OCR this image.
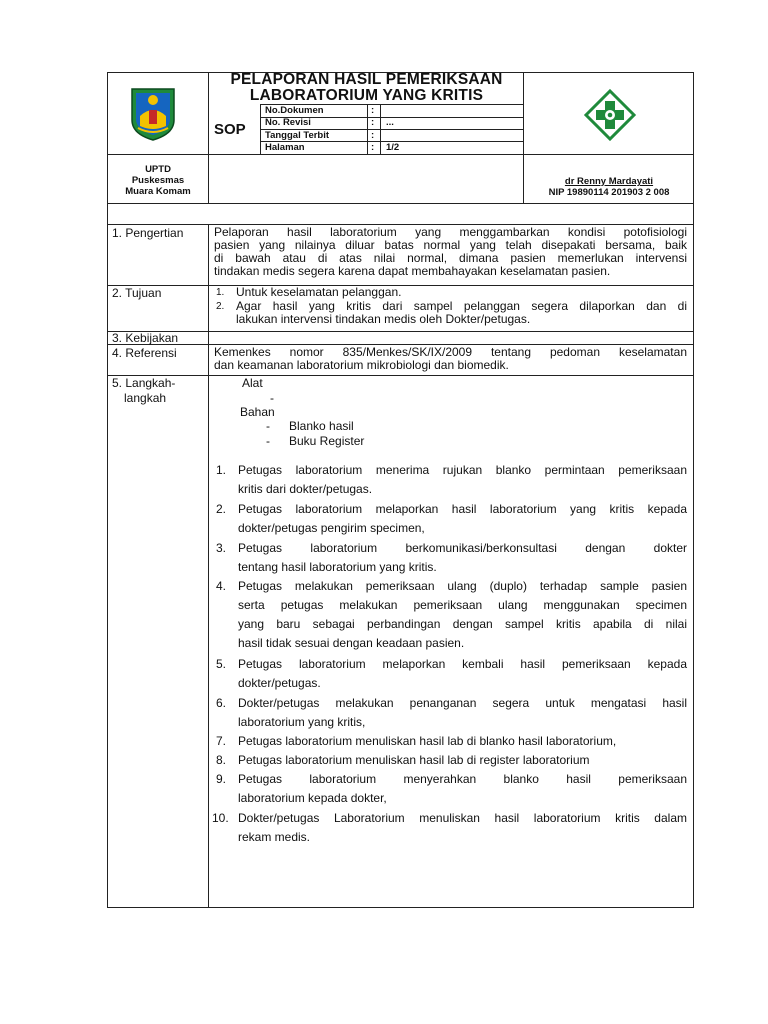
PELAPORAN HASIL PEMERIKSAAN
LABORATORIUM YANG KRITIS
SOP
No.Dokumen	:
No. Revisi	: ...
Tanggal Terbit	:
Halaman	: 1/2
UPTD
Puskesmas
Muara Komam
dr Renny Mardayati
NIP 19890114 201903 2 008
1. Pengertian	Pelaporan hasil laboratorium yang menggambarkan kondisi potofisiologi
pasien yang nilainya diluar batas normal yang telah disepakati bersama, baik
di bawah atau di atas nilai normal, dimana pasien memerlukan intervensi
tindakan medis segera karena dapat membahayakan keselamatan pasien.
2. Tujuan	1. Untuk keselamatan pelanggan.
2. Agar hasil yang kritis dari sampel pelanggan segera dilaporkan dan di
lakukan intervensi tindakan medis oleh Dokter/petugas.
3. Kebijakan
4. Referensi	Kemenkes nomor 835/Menkes/SK/IX/2009 tentang pedoman keselamatan
dan keamanan laboratorium mikrobiologi dan biomedik.
5. Langkah-
langkah
Alat
-
Bahan
- Blanko hasil
- Buku Register
1. Petugas laboratorium menerima rujukan blanko permintaan pemeriksaan
kritis dari dokter/petugas.
2. Petugas laboratorium melaporkan hasil laboratorium yang kritis kepada
dokter/petugas pengirim specimen,
3. Petugas laboratorium berkomunikasi/berkonsultasi dengan dokter
tentang hasil laboratorium yang kritis.
4. Petugas melakukan pemeriksaan ulang (duplo) terhadap sample pasien
serta petugas melakukan pemeriksaan ulang menggunakan specimen
yang baru sebagai perbandingan dengan sampel kritis apabila di nilai
hasil tidak sesuai dengan keadaan pasien.
5. Petugas laboratorium melaporkan kembali hasil pemeriksaan kepada
dokter/petugas.
6. Dokter/petugas melakukan penanganan segera untuk mengatasi hasil
laboratorium yang kritis,
7. Petugas laboratorium menuliskan hasil lab di blanko hasil laboratorium,
8. Petugas laboratorium menuliskan hasil lab di register laboratorium
9. Petugas laboratorium menyerahkan blanko hasil pemeriksaan
laboratorium kepada dokter,
10. Dokter/petugas Laboratorium menuliskan hasil laboratorium kritis dalam
rekam medis.
